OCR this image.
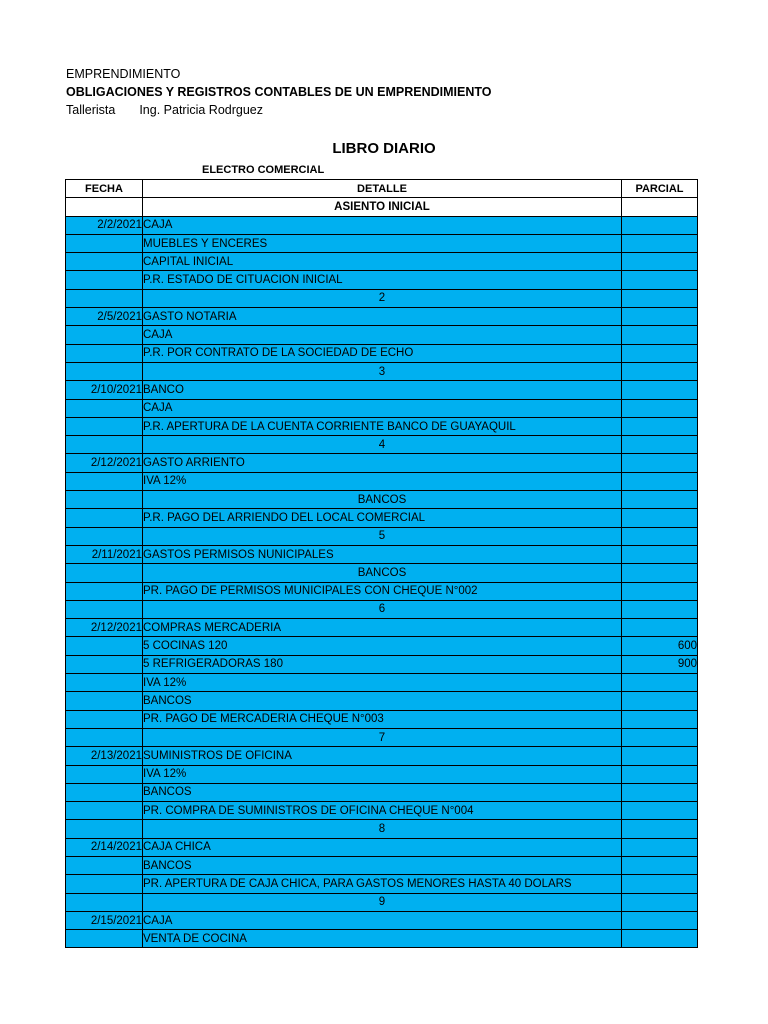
EMPRENDIMIENTO
OBLIGACIONES Y REGISTROS CONTABLES DE UN EMPRENDIMIENTO
Tallerista Ing. Patricia Rodrguez
LIBRO DIARIO
ELECTRO COMERCIAL
FECHA	DETALLE	PARCIAL
	ASIENTO INICIAL	
2/2/2021	CAJA	
	MUEBLES Y ENCERES	
	CAPITAL INICIAL	
	P.R. ESTADO DE CITUACION INICIAL	
	2	
2/5/2021	GASTO NOTARIA	
	CAJA	
	P.R. POR CONTRATO DE LA SOCIEDAD DE ECHO	
	3	
2/10/2021	BANCO	
	CAJA	
	P.R. APERTURA DE LA CUENTA CORRIENTE BANCO DE GUAYAQUIL	
	4	
2/12/2021	GASTO ARRIENTO	
	IVA 12%	
	BANCOS	
	P.R. PAGO DEL ARRIENDO DEL LOCAL COMERCIAL	
	5	
2/11/2021	GASTOS PERMISOS NUNICIPALES	
	BANCOS	
	PR. PAGO DE PERMISOS MUNICIPALES CON CHEQUE N°002	
	6	
2/12/2021	COMPRAS MERCADERIA	
	5 COCINAS 120	600
	5 REFRIGERADORAS 180	900
	IVA 12%	
	BANCOS	
	PR. PAGO DE MERCADERIA CHEQUE N°003	
	7	
2/13/2021	SUMINISTROS DE OFICINA	
	IVA 12%	
	BANCOS	
	PR. COMPRA DE SUMINISTROS DE OFICINA CHEQUE N°004	
	8	
2/14/2021	CAJA CHICA	
	BANCOS	
	PR. APERTURA DE CAJA CHICA, PARA GASTOS MENORES HASTA 40 DOLARS	
	9	
2/15/2021	CAJA	
	VENTA DE COCINA	
